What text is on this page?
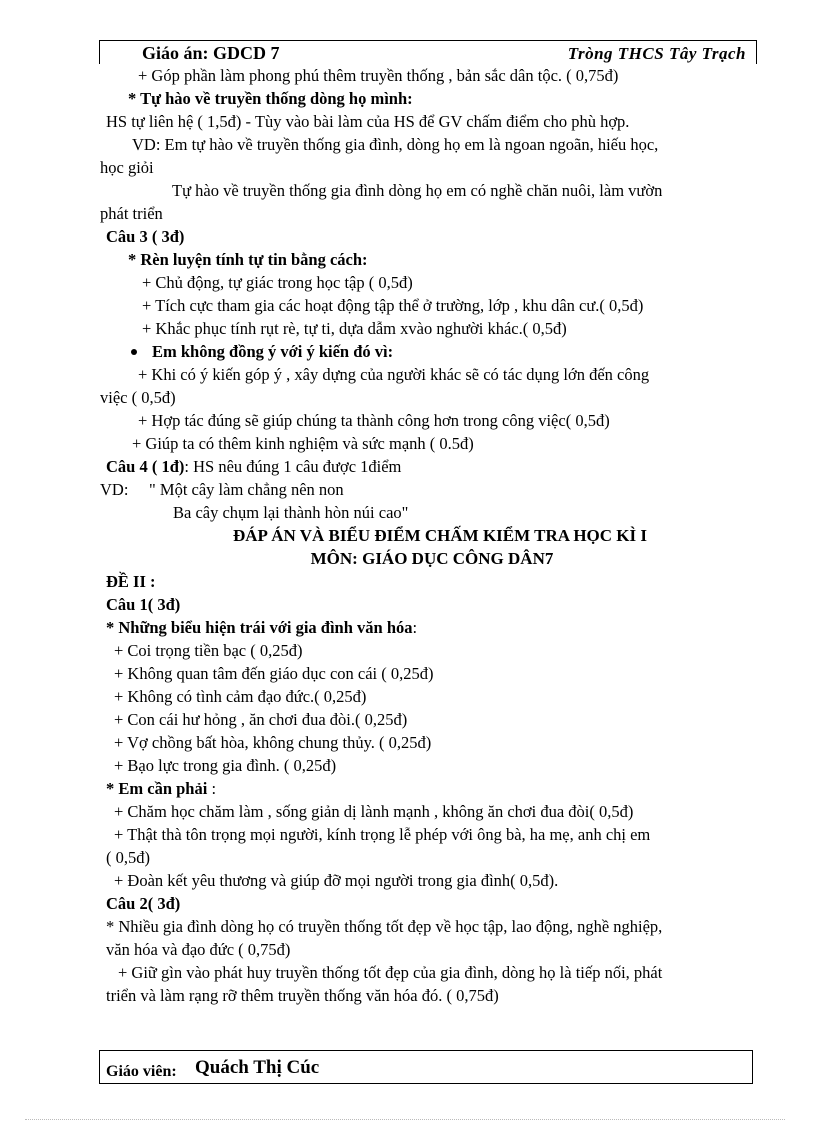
Giáo án: GDCD 7	Tròng THCS Tây Trạch
+ Góp phần làm phong phú thêm truyền thống , bản sắc dân tộc. ( 0,75đ)
* Tự hào về truyền thống dòng họ mình:
HS tự liên hệ ( 1,5đ) - Tùy vào bài làm của HS để GV chấm điểm cho phù hợp.
VD: Em tự hào về truyền thống gia đình, dòng họ em là ngoan ngoãn, hiếu học,
học giỏi
Tự hào về truyền thống gia đình dòng họ em có nghề chăn nuôi, làm vườn
phát triển
Câu 3 ( 3đ)
* Rèn luyện tính tự tin bằng cách:
+ Chủ động, tự giác trong học tập ( 0,5đ)
+ Tích cực tham gia các hoạt động tập thể ở trường, lớp , khu dân cư.( 0,5đ)
+ Khắc phục tính rụt rè, tự ti, dựa dẫm xvào nghười khác.( 0,5đ)
Em không đồng ý với ý kiến đó vì:
+ Khi có ý kiến góp ý , xây dựng của người khác sẽ có tác dụng lớn đến công
việc ( 0,5đ)
+ Hợp tác đúng sẽ giúp chúng ta thành công hơn trong công việc( 0,5đ)
+ Giúp ta có thêm kinh nghiệm và sức mạnh ( 0.5đ)
Câu 4 ( 1đ): HS nêu đúng 1 câu được 1điểm
VD:     " Một cây làm chẳng nên non
Ba cây chụm lại thành hòn núi cao"
ĐÁP ÁN VÀ BIỂU ĐIỂM CHẤM KIỂM TRA HỌC KÌ I
MÔN: GIÁO DỤC CÔNG DÂN7
ĐỀ II :
Câu 1( 3đ)
* Những biểu hiện trái với gia đình văn hóa:
+ Coi trọng tiền bạc ( 0,25đ)
+ Không quan tâm đến giáo dục con cái ( 0,25đ)
+ Không có tình cảm đạo đức.( 0,25đ)
+ Con cái hư hỏng , ăn chơi đua đòi.( 0,25đ)
+ Vợ chồng bất hòa, không chung thủy. ( 0,25đ)
+ Bạo lực trong gia đình. ( 0,25đ)
* Em cần phải :
+ Chăm học chăm làm , sống giản dị lành mạnh , không ăn chơi đua đòi( 0,5đ)
+ Thật thà tôn trọng mọi người, kính trọng lễ phép với ông bà, ha mẹ, anh chị em
( 0,5đ)
+ Đoàn kết yêu thương và giúp đỡ mọi người trong gia đình( 0,5đ).
Câu 2( 3đ)
* Nhiều gia đình dòng họ có truyền thống tốt đẹp về học tập, lao động, nghề nghiệp,
văn hóa và đạo đức ( 0,75đ)
+ Giữ gìn vào phát huy truyền thống tốt đẹp của gia đình, dòng họ là tiếp nối, phát
triển và làm rạng rỡ thêm truyền thống văn hóa đó. ( 0,75đ)
Giáo viên: Quách Thị Cúc
